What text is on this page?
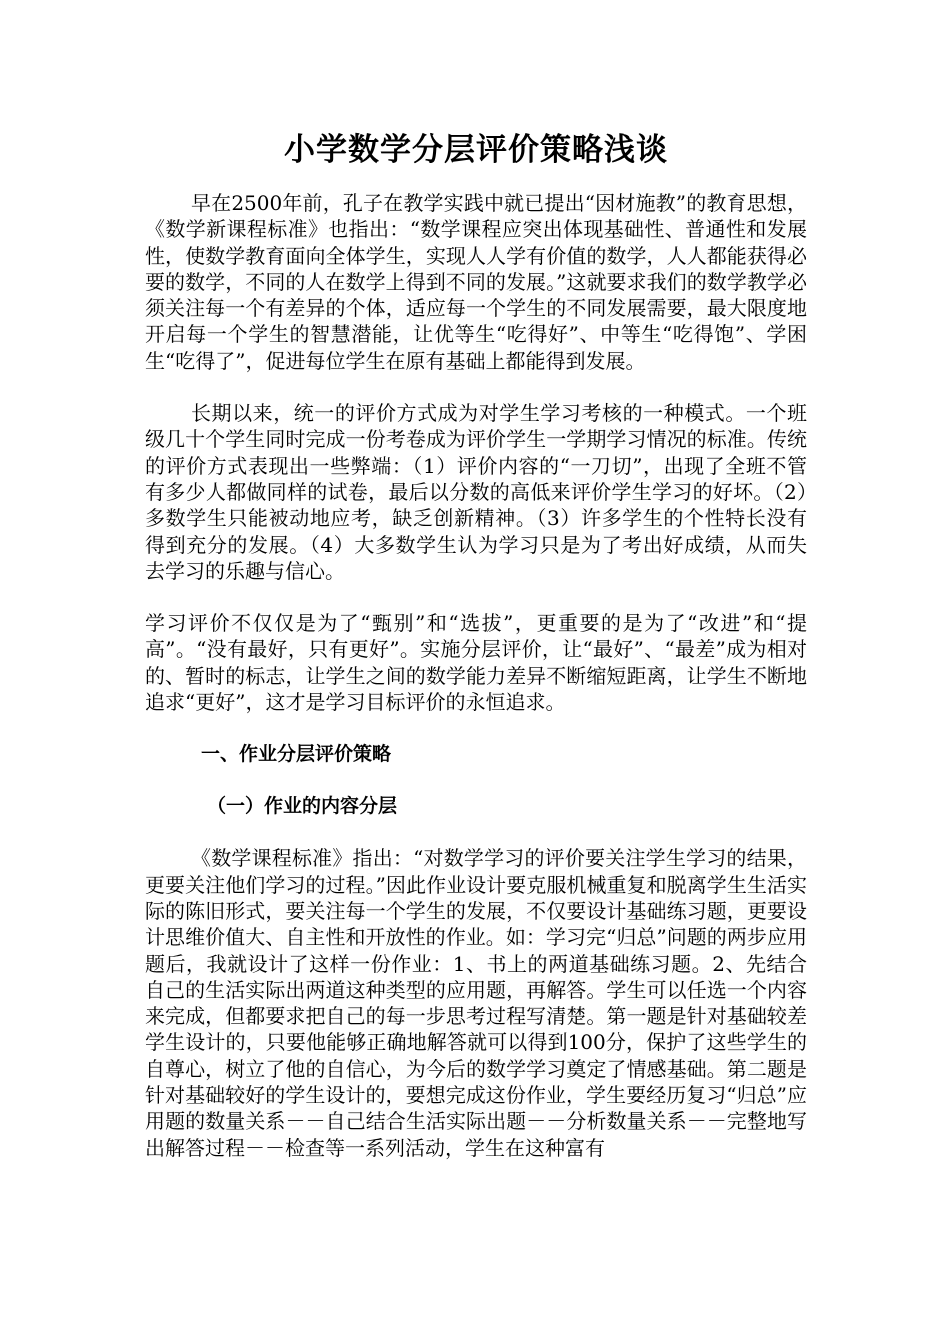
小学数学分层评价策略浅谈

早在2500年前，孔子在教学实践中就已提出“因材施教”的教育思想，《数学新课程标准》也指出：“数学课程应突出体现基础性、普通性和发展性，使数学教育面向全体学生，实现人人学有价值的数学，人人都能获得必要的数学，不同的人在数学上得到不同的发展。”这就要求我们的数学教学必须关注每一个有差异的个体，适应每一个学生的不同发展需要，最大限度地开启每一个学生的智慧潜能，让优等生“吃得好”、中等生“吃得饱”、学困生“吃得了”，促进每位学生在原有基础上都能得到发展。

长期以来，统一的评价方式成为对学生学习考核的一种模式。一个班级几十个学生同时完成一份考卷成为评价学生一学期学习情况的标准。传统的评价方式表现出一些弊端：（1）评价内容的“一刀切”，出现了全班不管有多少人都做同样的试卷，最后以分数的高低来评价学生学习的好坏。（2）多数学生只能被动地应考，缺乏创新精神。（3）许多学生的个性特长没有得到充分的发展。（4）大多数学生认为学习只是为了考出好成绩，从而失去学习的乐趣与信心。

学习评价不仅仅是为了“甄别”和“选拔”，更重要的是为了“改进”和“提高”。“没有最好，只有更好”。实施分层评价，让“最好”、“最差”成为相对的、暂时的标志，让学生之间的数学能力差异不断缩短距离，让学生不断地追求“更好”，这才是学习目标评价的永恒追求。

一、作业分层评价策略

（一）作业的内容分层

《数学课程标准》指出：“对数学学习的评价要关注学生学习的结果，更要关注他们学习的过程。”因此作业设计要克服机械重复和脱离学生生活实际的陈旧形式，要关注每一个学生的发展，不仅要设计基础练习题，更要设计思维价值大、自主性和开放性的作业。如：学习完“归总”问题的两步应用题后，我就设计了这样一份作业：1、书上的两道基础练习题。2、先结合自己的生活实际出两道这种类型的应用题，再解答。学生可以任选一个内容来完成，但都要求把自己的每一步思考过程写清楚。第一题是针对基础较差学生设计的，只要他能够正确地解答就可以得到100分，保护了这些学生的自尊心，树立了他的自信心，为今后的数学学习奠定了情感基础。第二题是针对基础较好的学生设计的，要想完成这份作业，学生要经历复习“归总”应用题的数量关系－－自己结合生活实际出题－－分析数量关系－－完整地写出解答过程－－检查等一系列活动，学生在这种富有
